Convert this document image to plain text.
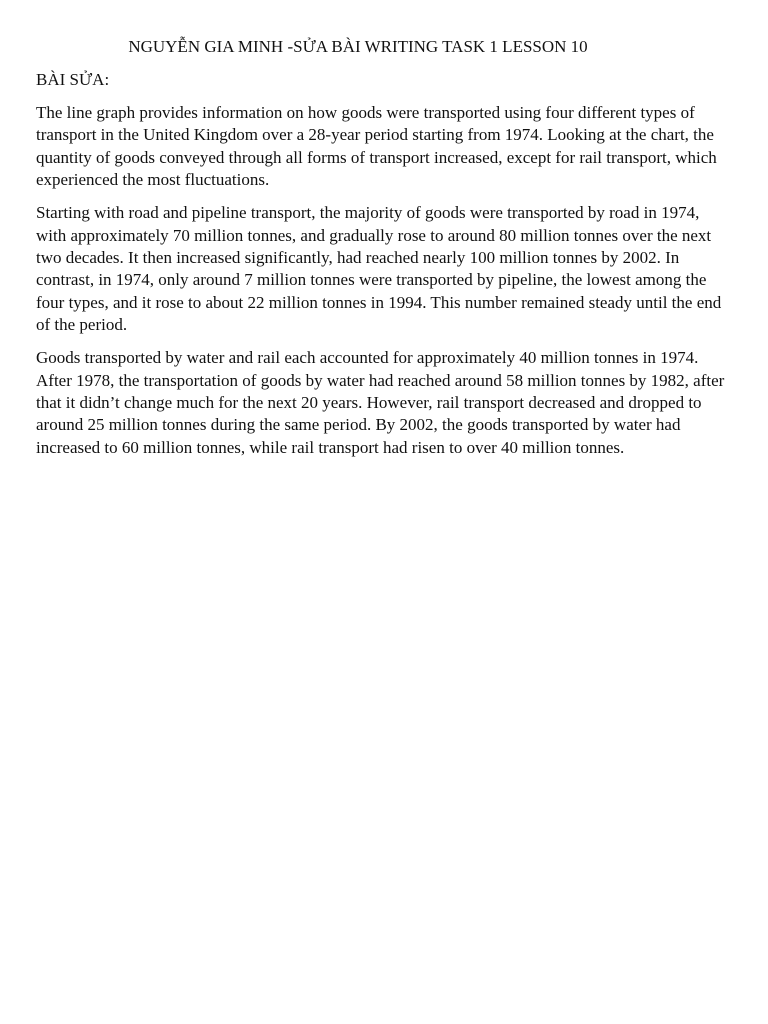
NGUYỄN GIA MINH -SỬA BÀI WRITING TASK 1 LESSON 10
BÀI SỬA:

The line graph provides information on how goods were transported using four different types of transport in the United Kingdom over a 28-year period starting from 1974. Looking at the chart, the quantity of goods conveyed through all forms of transport increased, except for rail transport, which experienced the most fluctuations.

Starting with road and pipeline transport, the majority of goods were transported by road in 1974, with approximately 70 million tonnes, and gradually rose to around 80 million tonnes over the next two decades. It then increased significantly, had reached nearly 100 million tonnes by 2002. In contrast, in 1974, only around 7 million tonnes were transported by pipeline, the lowest among the four types, and it rose to about 22 million tonnes in 1994. This number remained steady until the end of the period.

Goods transported by water and rail each accounted for approximately 40 million tonnes in 1974. After 1978, the transportation of goods by water had reached around 58 million tonnes by 1982, after that it didn’t change much for the next 20 years. However, rail transport decreased and dropped to around 25 million tonnes during the same period. By 2002, the goods transported by water had increased to 60 million tonnes, while rail transport had risen to over 40 million tonnes.
